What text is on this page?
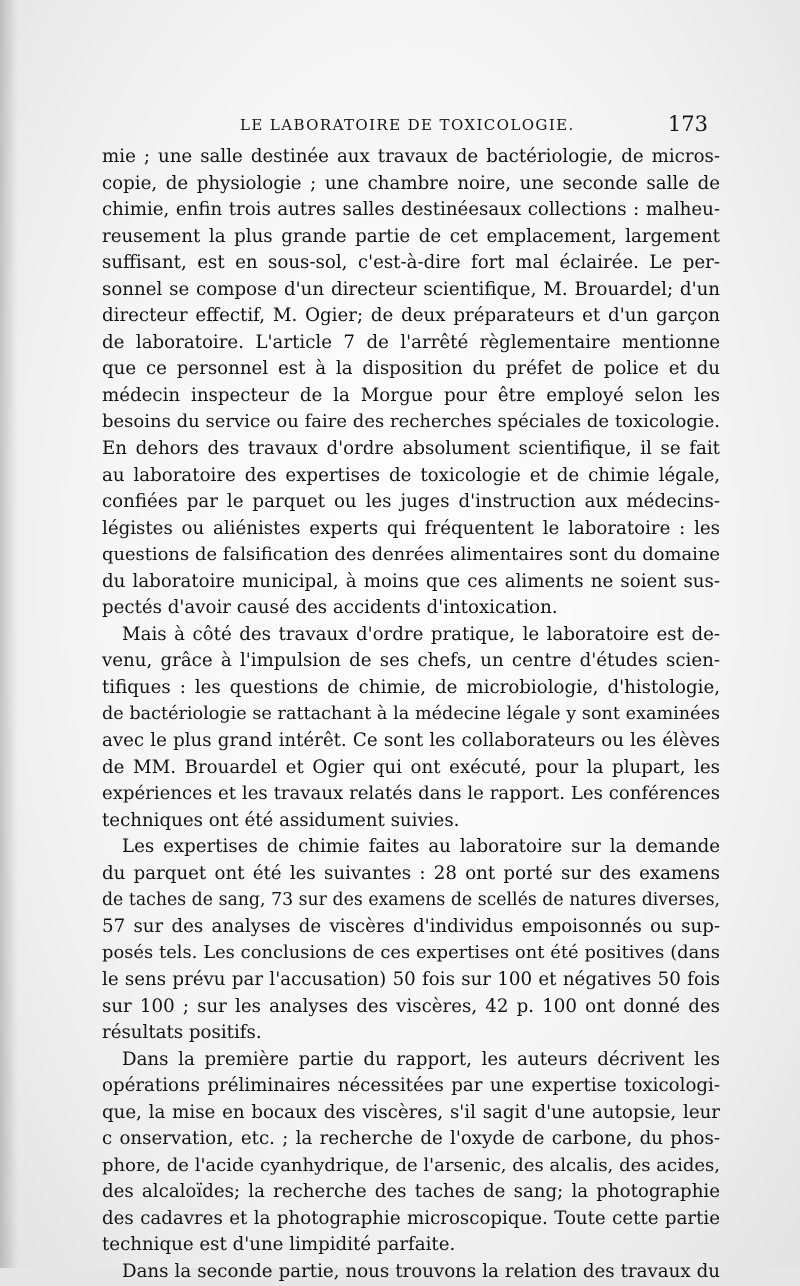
LE LABORATOIRE DE TOXICOLOGIE.	173
mie ; une salle destinée aux travaux de bactériologie, de micros-
copie, de physiologie ; une chambre noire, une seconde salle de
chimie, enfin trois autres salles destinéesaux collections : malheu-
reusement la plus grande partie de cet emplacement, largement
suffisant, est en sous-sol, c'est-à-dire fort mal éclairée. Le per-
sonnel se compose d'un directeur scientifique, M. Brouardel; d'un
directeur effectif, M. Ogier; de deux préparateurs et d'un garçon
de laboratoire. L'article 7 de l'arrêté règlementaire mentionne
que ce personnel est à la disposition du préfet de police et du
médecin inspecteur de la Morgue pour être employé selon les
besoins du service ou faire des recherches spéciales de toxicologie.
En dehors des travaux d'ordre absolument scientifique, il se fait
au laboratoire des expertises de toxicologie et de chimie légale,
confiées par le parquet ou les juges d'instruction aux médecins-
légistes ou aliénistes experts qui fréquentent le laboratoire : les
questions de falsification des denrées alimentaires sont du domaine
du laboratoire municipal, à moins que ces aliments ne soient sus-
pectés d'avoir causé des accidents d'intoxication.
Mais à côté des travaux d'ordre pratique, le laboratoire est de-
venu, grâce à l'impulsion de ses chefs, un centre d'études scien-
tifiques : les questions de chimie, de microbiologie, d'histologie,
de bactériologie se rattachant à la médecine légale y sont examinées
avec le plus grand intérêt. Ce sont les collaborateurs ou les élèves
de MM. Brouardel et Ogier qui ont exécuté, pour la plupart, les
expériences et les travaux relatés dans le rapport. Les conférences
techniques ont été assidument suivies.
Les expertises de chimie faites au laboratoire sur la demande
du parquet ont été les suivantes : 28 ont porté sur des examens
de taches de sang, 73 sur des examens de scellés de natures diverses,
57 sur des analyses de viscères d'individus empoisonnés ou sup-
posés tels. Les conclusions de ces expertises ont été positives (dans
le sens prévu par l'accusation) 50 fois sur 100 et négatives 50 fois
sur 100 ; sur les analyses des viscères, 42 p. 100 ont donné des
résultats positifs.
Dans la première partie du rapport, les auteurs décrivent les
opérations préliminaires nécessitées par une expertise toxicologi-
que, la mise en bocaux des viscères, s'il sagit d'une autopsie, leur
c onservation, etc. ; la recherche de l'oxyde de carbone, du phos-
phore, de l'acide cyanhydrique, de l'arsenic, des alcalis, des acides,
des alcaloïdes; la recherche des taches de sang; la photographie
des cadavres et la photographie microscopique. Toute cette partie
technique est d'une limpidité parfaite.
Dans la seconde partie, nous trouvons la relation des travaux du
